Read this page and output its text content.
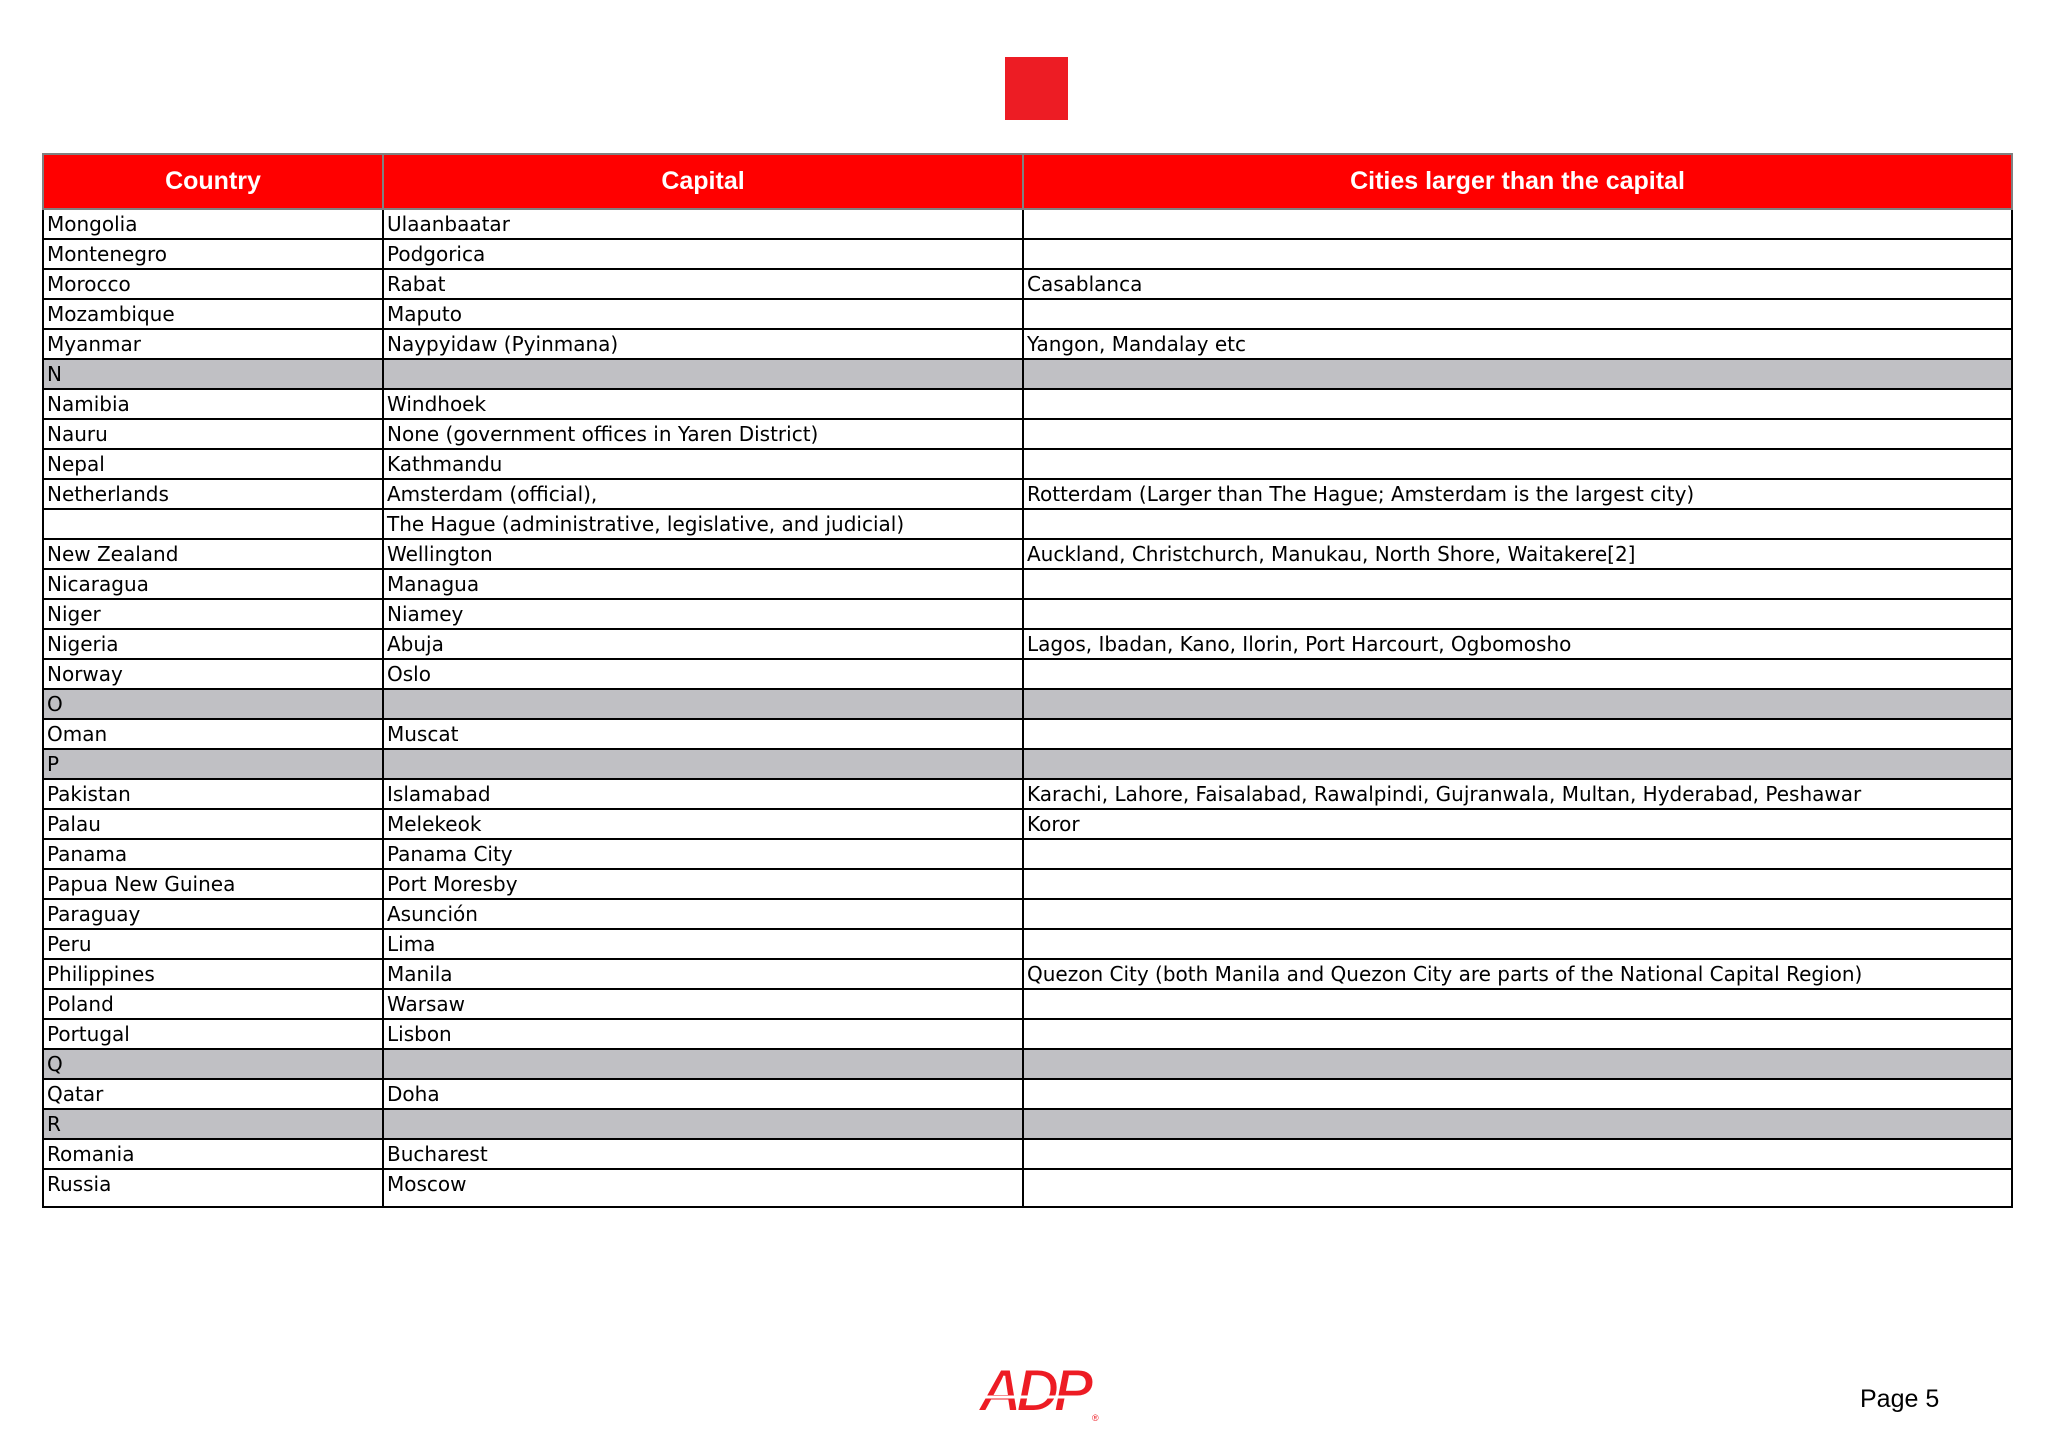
Country	Capital	Cities larger than the capital
Mongolia	Ulaanbaatar	
Montenegro	Podgorica	
Morocco	Rabat	Casablanca
Mozambique	Maputo	
Myanmar	Naypyidaw (Pyinmana)	Yangon, Mandalay etc
N		
Namibia	Windhoek	
Nauru	None (government offices in Yaren District)	
Nepal	Kathmandu	
Netherlands	Amsterdam (official),	Rotterdam (Larger than The Hague; Amsterdam is the largest city)
	The Hague (administrative, legislative, and judicial)	
New Zealand	Wellington	Auckland, Christchurch, Manukau, North Shore, Waitakere[2]
Nicaragua	Managua	
Niger	Niamey	
Nigeria	Abuja	Lagos, Ibadan, Kano, Ilorin, Port Harcourt, Ogbomosho
Norway	Oslo	
O		
Oman	Muscat	
P		
Pakistan	Islamabad	Karachi, Lahore, Faisalabad, Rawalpindi, Gujranwala, Multan, Hyderabad, Peshawar
Palau	Melekeok	Koror
Panama	Panama City	
Papua New Guinea	Port Moresby	
Paraguay	Asunción	
Peru	Lima	
Philippines	Manila	Quezon City (both Manila and Quezon City are parts of the National Capital Region)
Poland	Warsaw	
Portugal	Lisbon	
Q		
Qatar	Doha	
R		
Romania	Bucharest	
Russia	Moscow	
ADP ®
Page 5
